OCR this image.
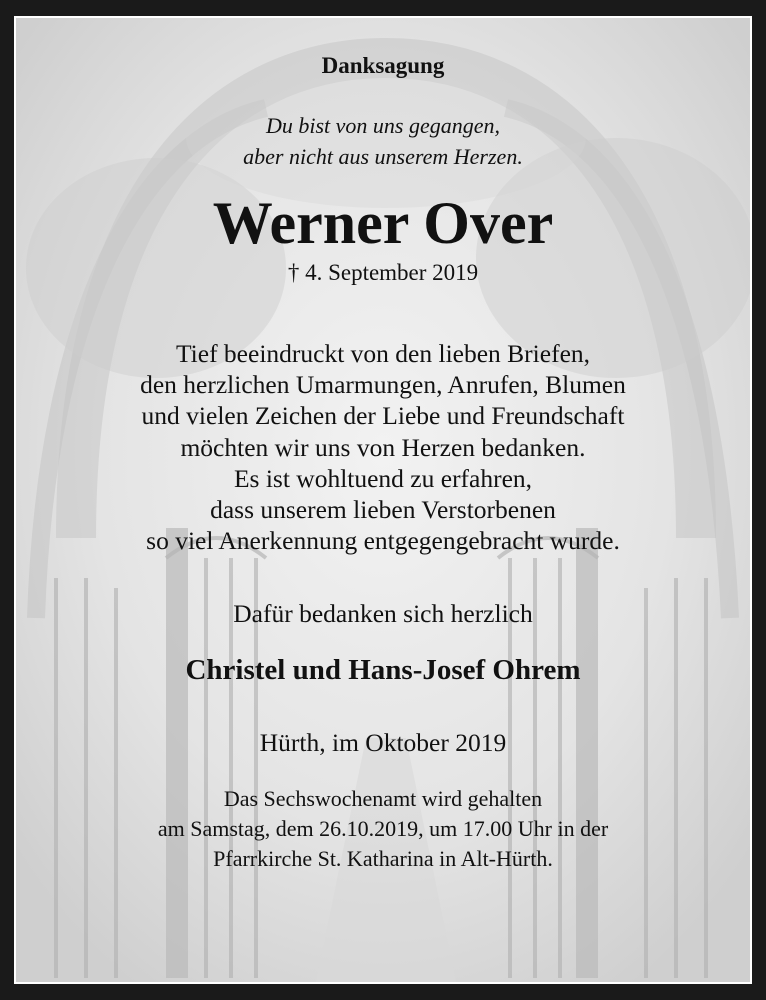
Danksagung
Du bist von uns gegangen,
aber nicht aus unserem Herzen.
Werner Over
† 4. September 2019
Tief beeindruckt von den lieben Briefen,
den herzlichen Umarmungen, Anrufen, Blumen
und vielen Zeichen der Liebe und Freundschaft
möchten wir uns von Herzen bedanken.
Es ist wohltuend zu erfahren,
dass unserem lieben Verstorbenen
so viel Anerkennung entgegengebracht wurde.
Dafür bedanken sich herzlich
Christel und Hans-Josef Ohrem
Hürth, im Oktober 2019
Das Sechswochenamt wird gehalten
am Samstag, dem 26.10.2019, um 17.00 Uhr in der
Pfarrkirche St. Katharina in Alt-Hürth.
